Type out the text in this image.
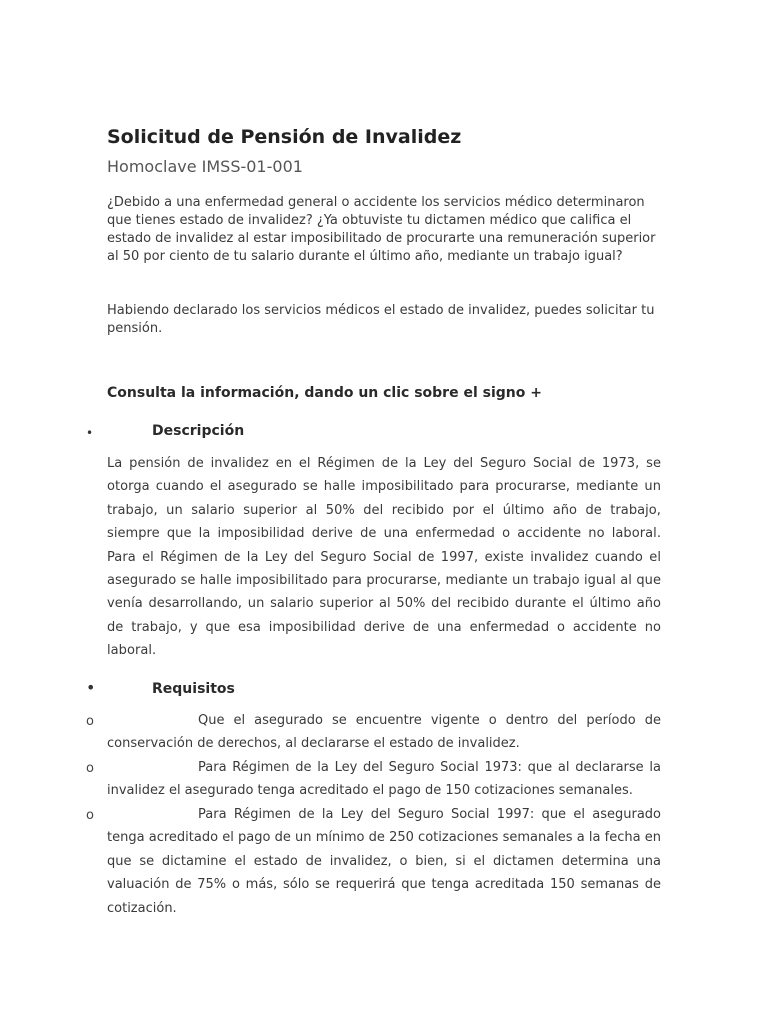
Solicitud de Pensión de Invalidez

Homoclave IMSS-01-001

¿Debido a una enfermedad general o accidente los servicios médico determinaron que tienes estado de invalidez? ¿Ya obtuviste tu dictamen médico que califica el estado de invalidez al estar imposibilitado de procurarte una remuneración superior al 50 por ciento de tu salario durante el último año, mediante un trabajo igual?

Habiendo declarado los servicios médicos el estado de invalidez, puedes solicitar tu pensión.

Consulta la información, dando un clic sobre el signo +

•	Descripción

La pensión de invalidez en el Régimen de la Ley del Seguro Social de 1973, se otorga cuando el asegurado se halle imposibilitado para procurarse, mediante un trabajo, un salario superior al 50% del recibido por el último año de trabajo, siempre que la imposibilidad derive de una enfermedad o accidente no laboral. Para el Régimen de la Ley del Seguro Social de 1997, existe invalidez cuando el asegurado se halle imposibilitado para procurarse, mediante un trabajo igual al que venía desarrollando, un salario superior al 50% del recibido durante el último año de trabajo, y que esa imposibilidad derive de una enfermedad o accidente no laboral.

•	Requisitos

o	Que el asegurado se encuentre vigente o dentro del período de conservación de derechos, al declararse el estado de invalidez.

o	Para Régimen de la Ley del Seguro Social 1973: que al declararse la invalidez el asegurado tenga acreditado el pago de 150 cotizaciones semanales.

o	Para Régimen de la Ley del Seguro Social 1997: que el asegurado tenga acreditado el pago de un mínimo de 250 cotizaciones semanales a la fecha en que se dictamine el estado de invalidez, o bien, si el dictamen determina una valuación de 75% o más, sólo se requerirá que tenga acreditada 150 semanas de cotización.
